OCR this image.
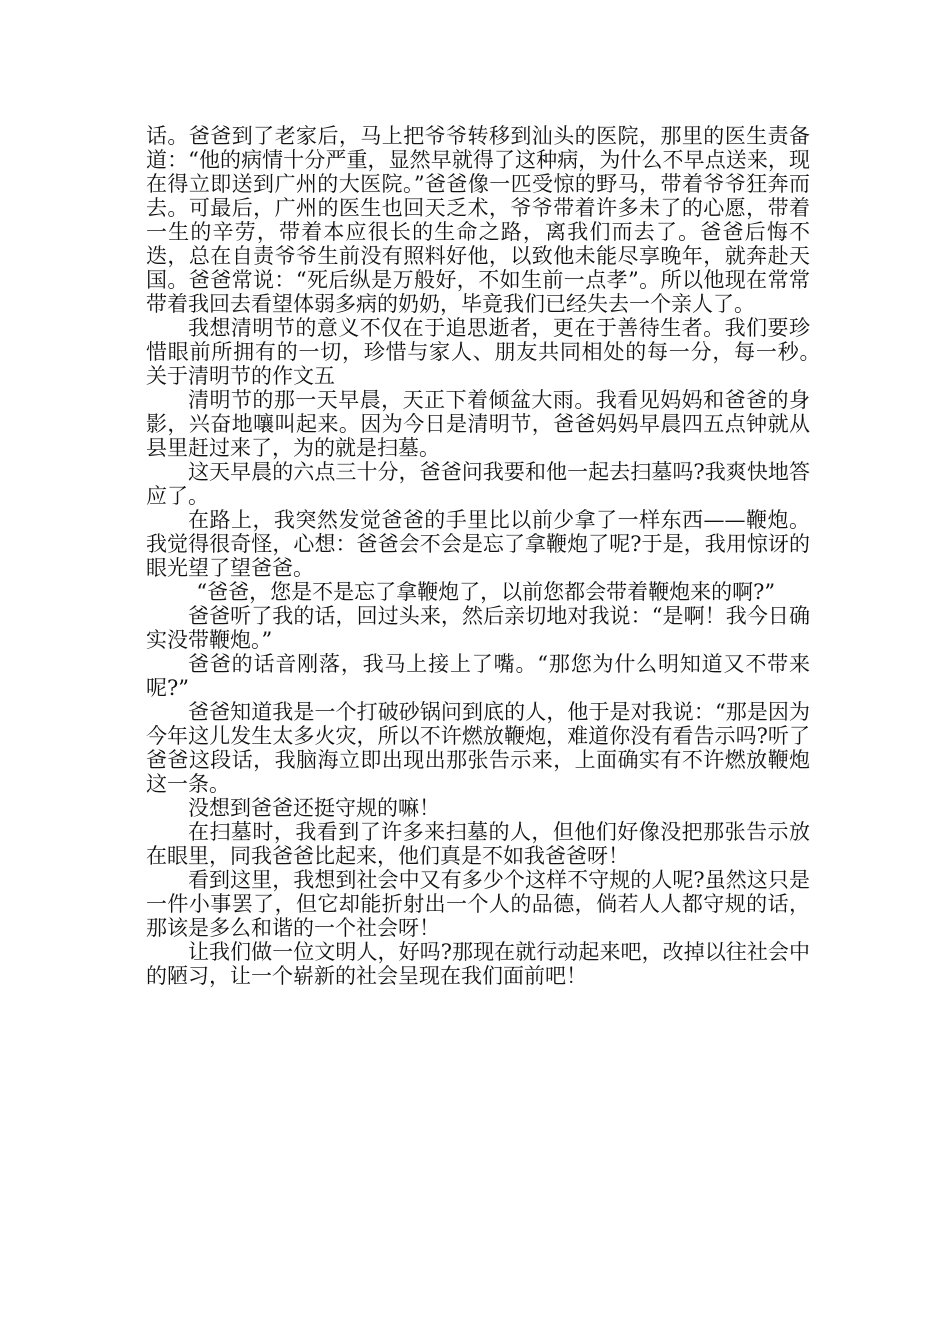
话。爸爸到了老家后，马上把爷爷转移到汕头的医院，那里的医生责备道：“他的病情十分严重，显然早就得了这种病，为什么不早点送来，现在得立即送到广州的大医院。”爸爸像一匹受惊的野马，带着爷爷狂奔而去。可最后，广州的医生也回天乏术，爷爷带着许多未了的心愿，带着一生的辛劳，带着本应很长的生命之路，离我们而去了。爸爸后悔不迭，总在自责爷爷生前没有照料好他，以致他未能尽享晚年，就奔赴天国。爸爸常说：“死后纵是万般好，不如生前一点孝”。所以他现在常常带着我回去看望体弱多病的奶奶，毕竟我们已经失去一个亲人了。

我想清明节的意义不仅在于追思逝者，更在于善待生者。我们要珍惜眼前所拥有的一切，珍惜与家人、朋友共同相处的每一分，每一秒。　　关于清明节的作文五

清明节的那一天早晨，天正下着倾盆大雨。我看见妈妈和爸爸的身影，兴奋地嚷叫起来。因为今日是清明节，爸爸妈妈早晨四五点钟就从县里赶过来了，为的就是扫墓。

这天早晨的六点三十分，爸爸问我要和他一起去扫墓吗?我爽快地答应了。

在路上，我突然发觉爸爸的手里比以前少拿了一样东西——鞭炮。我觉得很奇怪，心想：爸爸会不会是忘了拿鞭炮了呢?于是，我用惊讶的眼光望了望爸爸。

“爸爸，您是不是忘了拿鞭炮了，以前您都会带着鞭炮来的啊?”

爸爸听了我的话，回过头来，然后亲切地对我说：“是啊！我今日确实没带鞭炮。”

爸爸的话音刚落，我马上接上了嘴。“那您为什么明知道又不带来呢?”

爸爸知道我是一个打破砂锅问到底的人，他于是对我说：“那是因为今年这儿发生太多火灾，所以不许燃放鞭炮，难道你没有看告示吗?听了爸爸这段话，我脑海立即出现出那张告示来，上面确实有不许燃放鞭炮这一条。

没想到爸爸还挺守规的嘛！

在扫墓时，我看到了许多来扫墓的人，但他们好像没把那张告示放在眼里，同我爸爸比起来，他们真是不如我爸爸呀！

看到这里，我想到社会中又有多少个这样不守规的人呢?虽然这只是一件小事罢了，但它却能折射出一个人的品德，倘若人人都守规的话，那该是多么和谐的一个社会呀！

让我们做一位文明人，好吗?那现在就行动起来吧，改掉以往社会中的陋习，让一个崭新的社会呈现在我们面前吧！
